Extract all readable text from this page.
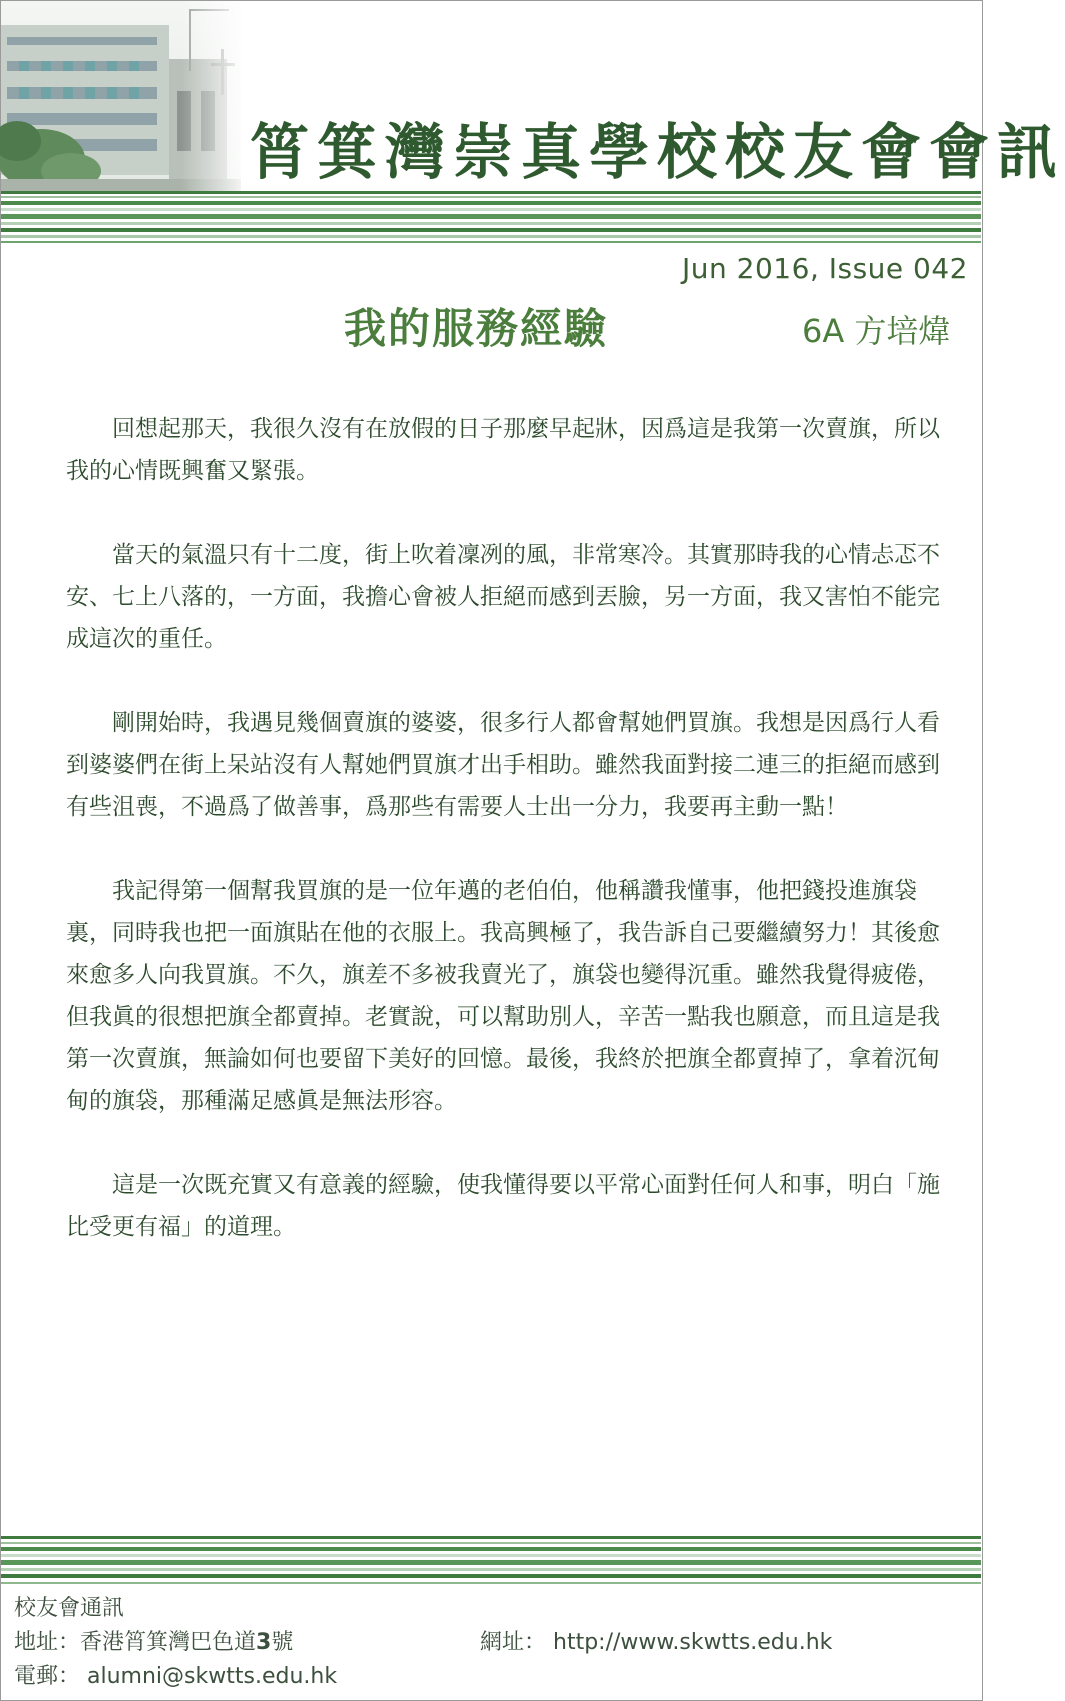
筲箕灣崇真學校校友會會訊
Jun 2016, Issue 042
我的服務經驗	6A 方培煒

回想起那天，我很久沒有在放假的日子那麼早起牀，因爲這是我第一次賣旗，所以我的心情既興奮又緊張。

當天的氣溫只有十二度，街上吹着凜冽的風，非常寒冷。其實那時我的心情忐忑不安、七上八落的，一方面，我擔心會被人拒絕而感到丟臉，另一方面，我又害怕不能完成這次的重任。

剛開始時，我遇見幾個賣旗的婆婆，很多行人都會幫她們買旗。我想是因爲行人看到婆婆們在街上呆站沒有人幫她們買旗才出手相助。雖然我面對接二連三的拒絕而感到有些沮喪，不過爲了做善事，爲那些有需要人士出一分力，我要再主動一點！

我記得第一個幫我買旗的是一位年邁的老伯伯，他稱讚我懂事，他把錢投進旗袋裏，同時我也把一面旗貼在他的衣服上。我高興極了，我告訴自己要繼續努力！其後愈來愈多人向我買旗。不久，旗差不多被我賣光了，旗袋也變得沉重。雖然我覺得疲倦，但我眞的很想把旗全都賣掉。老實說，可以幫助別人，辛苦一點我也願意，而且這是我第一次賣旗，無論如何也要留下美好的回憶。最後，我終於把旗全都賣掉了，拿着沉甸甸的旗袋，那種滿足感眞是無法形容。

這是一次既充實又有意義的經驗，使我懂得要以平常心面對任何人和事，明白「施比受更有福」的道理。

校友會通訊
地址：香港筲箕灣巴色道3號
電郵： alumni@skwtts.edu.hk
網址： http://www.skwtts.edu.hk
